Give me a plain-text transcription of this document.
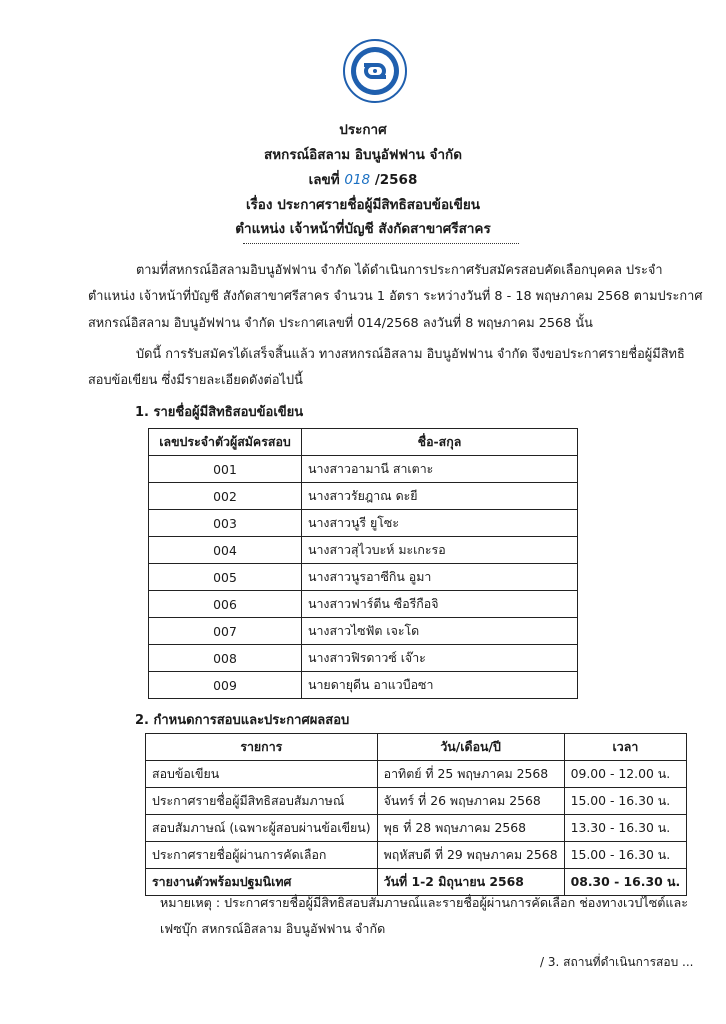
ประกาศ
สหกรณ์อิสลาม อิบนูอัฟฟาน จำกัด
เลขที่ 018 /2568
เรื่อง ประกาศรายชื่อผู้มีสิทธิสอบข้อเขียน
ตำแหน่ง เจ้าหน้าที่บัญชี สังกัดสาขาศรีสาคร
ตามที่สหกรณ์อิสลามอิบนูอัฟฟาน จำกัด ได้ดำเนินการประกาศรับสมัครสอบคัดเลือกบุคคล ประจำ
ตำแหน่ง เจ้าหน้าที่บัญชี สังกัดสาขาศรีสาคร จำนวน 1 อัตรา ระหว่างวันที่ 8 - 18 พฤษภาคม 2568 ตามประกาศ
สหกรณ์อิสลาม อิบนูอัฟฟาน จำกัด ประกาศเลขที่ 014/2568 ลงวันที่ 8 พฤษภาคม 2568 นั้น
บัดนี้ การรับสมัครได้เสร็จสิ้นแล้ว ทางสหกรณ์อิสลาม อิบนูอัฟฟาน จำกัด จึงขอประกาศรายชื่อผู้มีสิทธิ
สอบข้อเขียน ซึ่งมีรายละเอียดดังต่อไปนี้
1. รายชื่อผู้มีสิทธิสอบข้อเขียน
เลขประจำตัวผู้สมัครสอบ	ชื่อ-สกุล
001	นางสาวอามานี สาเตาะ
002	นางสาวรัยฎาณ ดะยี
003	นางสาวนูรี ยูโซะ
004	นางสาวสุไวบะห์ มะเกะรอ
005	นางสาวนูรอาซีกิน อูมา
006	นางสาวฟาร์ตีน ซือรีกือจิ
007	นางสาวไซฟัต เจะโด
008	นางสาวฟิรดาวซ์ เจ๊าะ
009	นายดายุดีน อาแวบือซา
2. กำหนดการสอบและประกาศผลสอบ
รายการ	วัน/เดือน/ปี	เวลา
สอบข้อเขียน	อาทิตย์ ที่ 25 พฤษภาคม 2568	09.00 - 12.00 น.
ประกาศรายชื่อผู้มีสิทธิสอบสัมภาษณ์	จันทร์ ที่ 26 พฤษภาคม 2568	15.00 - 16.30 น.
สอบสัมภาษณ์ (เฉพาะผู้สอบผ่านข้อเขียน)	พุธ ที่ 28 พฤษภาคม 2568	13.30 - 16.30 น.
ประกาศรายชื่อผู้ผ่านการคัดเลือก	พฤหัสบดี ที่ 29 พฤษภาคม 2568	15.00 - 16.30 น.
รายงานตัวพร้อมปฐมนิเทศ	วันที่ 1-2 มิถุนายน 2568	08.30 - 16.30 น.
หมายเหตุ : ประกาศรายชื่อผู้มีสิทธิสอบสัมภาษณ์และรายชื่อผู้ผ่านการคัดเลือก ช่องทางเวปไซต์และ
เฟซบุ๊ก สหกรณ์อิสลาม อิบนูอัฟฟาน จำกัด
/ 3. สถานที่ดำเนินการสอบ ...
